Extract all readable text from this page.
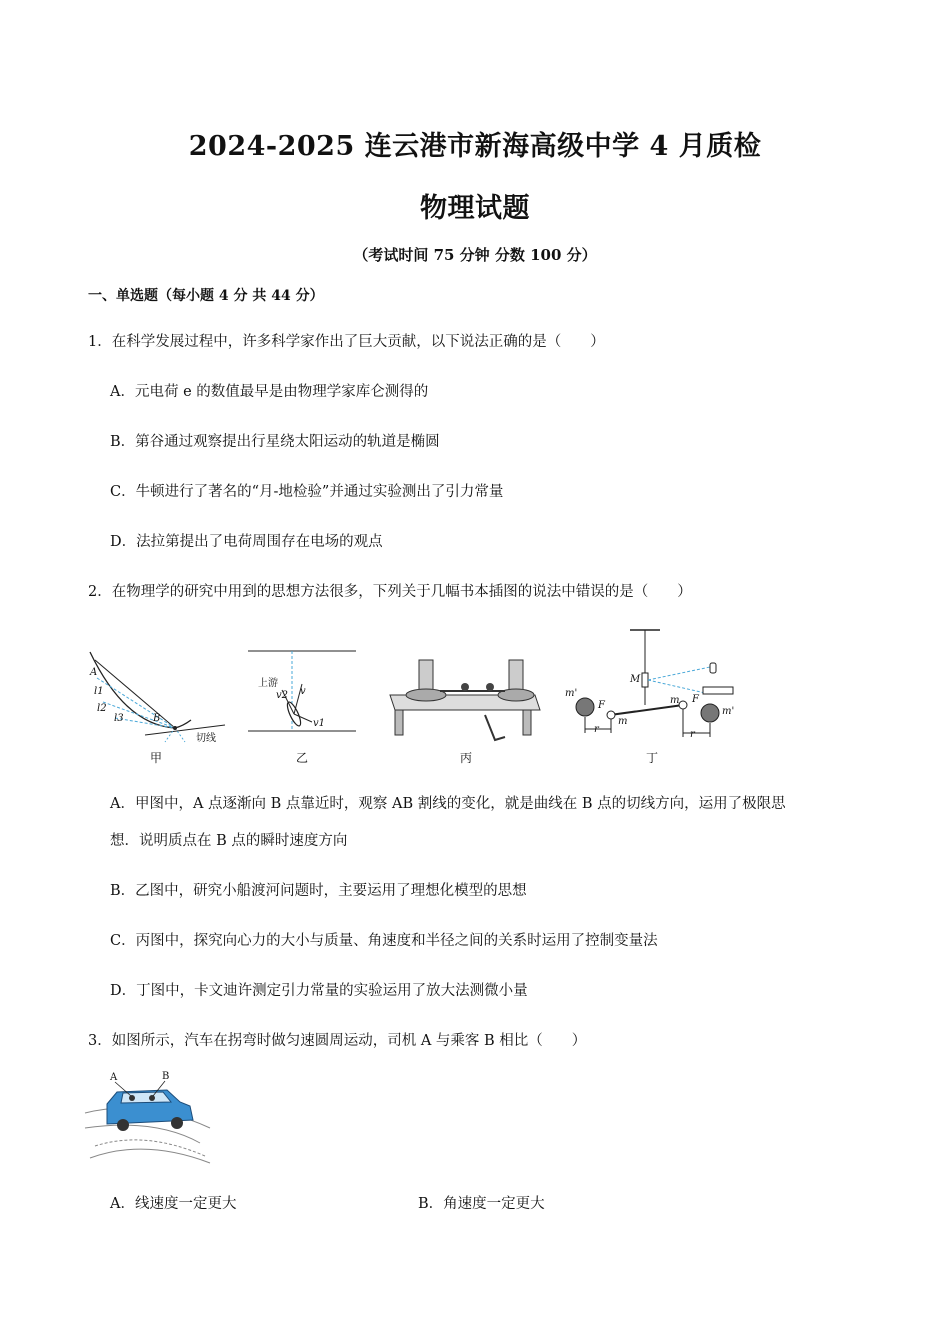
2024-2025 连云港市新海高级中学 4 月质检
物理试题
（考试时间 75 分钟 分数 100 分）
一、单选题（每小题 4 分 共 44 分）
1．在科学发展过程中，许多科学家作出了巨大贡献，以下说法正确的是（　　）
A．元电荷 e 的数值最早是由物理学家库仑测得的
B．第谷通过观察提出行星绕太阳运动的轨道是椭圆
C．牛顿进行了著名的“月-地检验”并通过实验测出了引力常量
D．法拉第提出了电荷周围存在电场的观点
2．在物理学的研究中用到的思想方法很多，下列关于几幅书本插图的说法中错误的是（　　）
A
l1
l2
l3	B
切线
甲
上游
v2 v
v1
乙	丙
m'
F
m
M
m F
m'
r	r
丁
A．甲图中，A 点逐渐向 B 点靠近时，观察 AB 割线的变化，就是曲线在 B 点的切线方向，运用了极限思
想．说明质点在 B 点的瞬时速度方向
B．乙图中，研究小船渡河问题时，主要运用了理想化模型的思想
C．丙图中，探究向心力的大小与质量、角速度和半径之间的关系时运用了控制变量法
D．丁图中，卡文迪许测定引力常量的实验运用了放大法测微小量
3．如图所示，汽车在拐弯时做匀速圆周运动，司机 A 与乘客 B 相比（　　）
A	B
A．线速度一定更大	B．角速度一定更大
